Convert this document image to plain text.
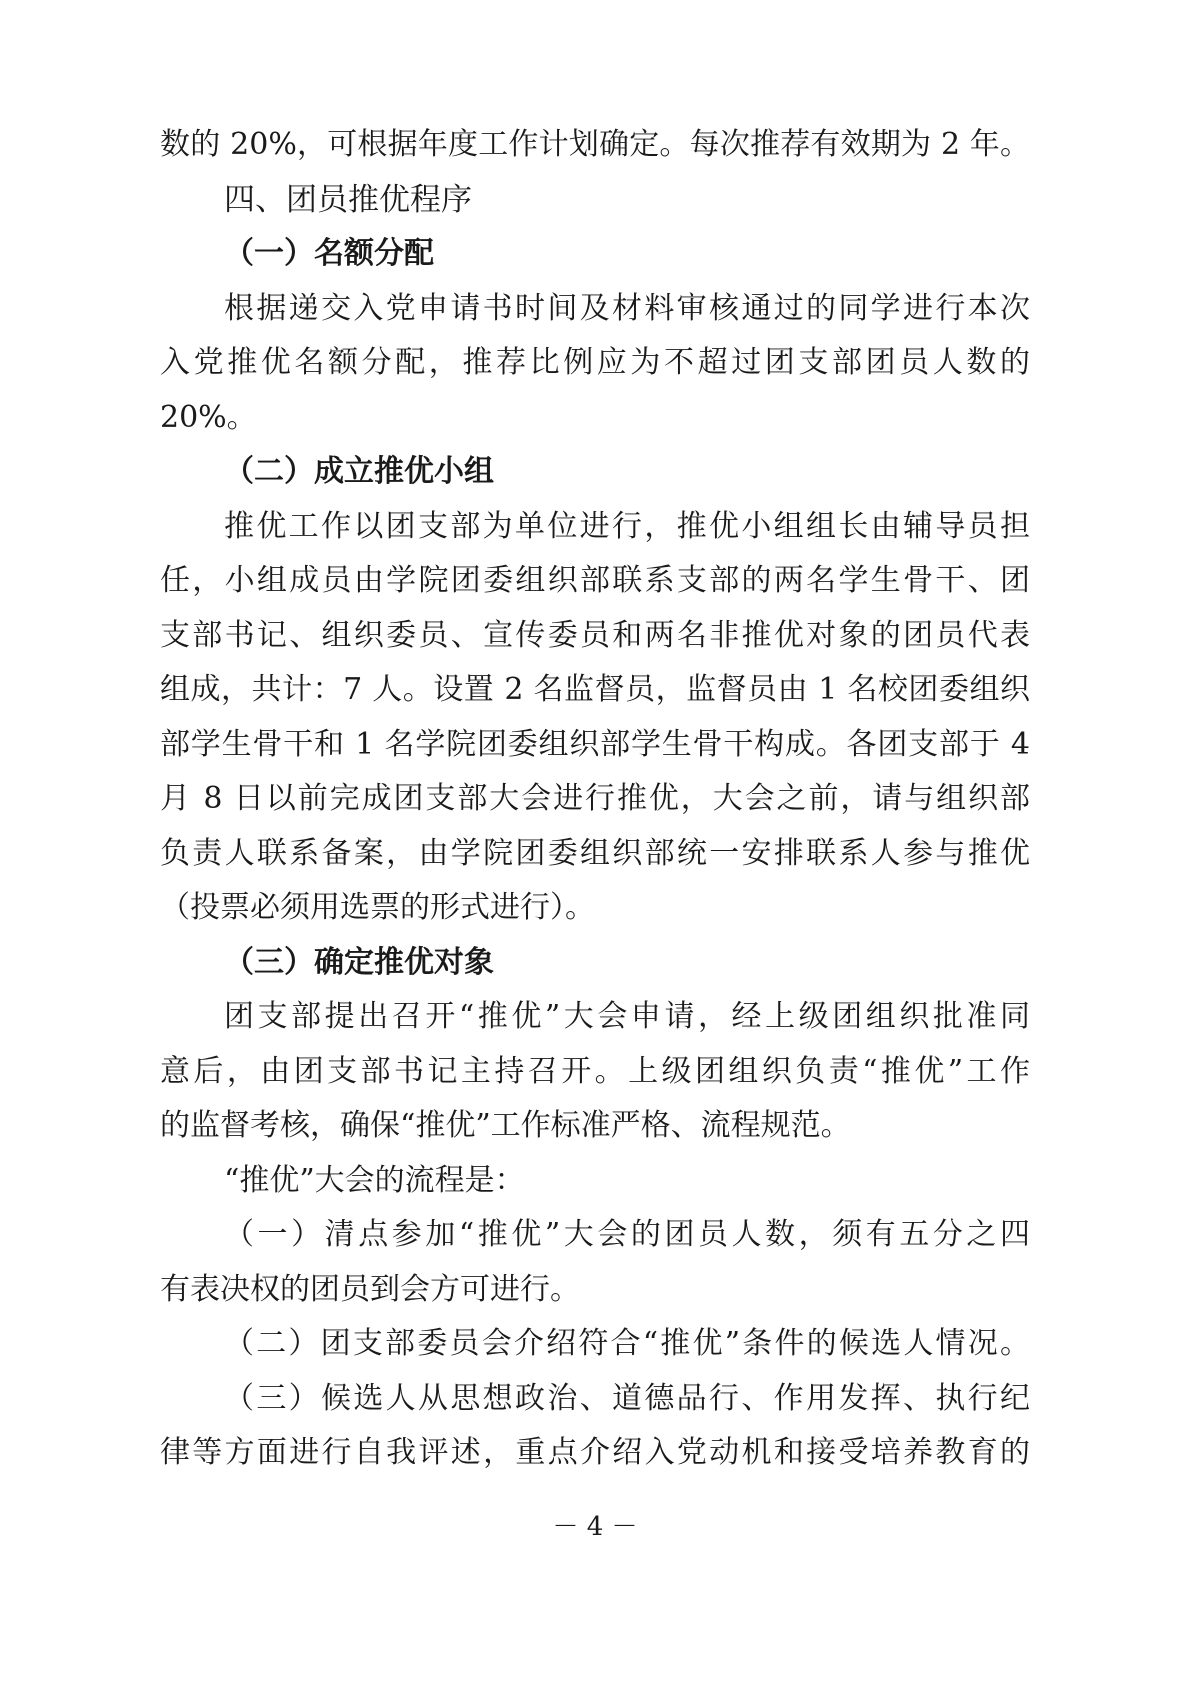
数的 20%，可根据年度工作计划确定。每次推荐有效期为 2 年。
四、团员推优程序
（一）名额分配
根据递交入党申请书时间及材料审核通过的同学进行本次
入党推优名额分配，推荐比例应为不超过团支部团员人数的
20%。
（二）成立推优小组
推优工作以团支部为单位进行，推优小组组长由辅导员担
任，小组成员由学院团委组织部联系支部的两名学生骨干、团
支部书记、组织委员、宣传委员和两名非推优对象的团员代表
组成，共计：7 人。设置 2 名监督员，监督员由 1 名校团委组织
部学生骨干和 1 名学院团委组织部学生骨干构成。各团支部于 4
月 8 日以前完成团支部大会进行推优，大会之前，请与组织部
负责人联系备案，由学院团委组织部统一安排联系人参与推优
（投票必须用选票的形式进行）。
（三）确定推优对象
团支部提出召开“推优”大会申请，经上级团组织批准同
意后，由团支部书记主持召开。上级团组织负责“推优”工作
的监督考核，确保“推优”工作标准严格、流程规范。
“推优”大会的流程是：
（一）清点参加“推优”大会的团员人数，须有五分之四
有表决权的团员到会方可进行。
（二）团支部委员会介绍符合“推优”条件的候选人情况。
（三）候选人从思想政治、道德品行、作用发挥、执行纪
律等方面进行自我评述，重点介绍入党动机和接受培养教育的
－ 4 －
